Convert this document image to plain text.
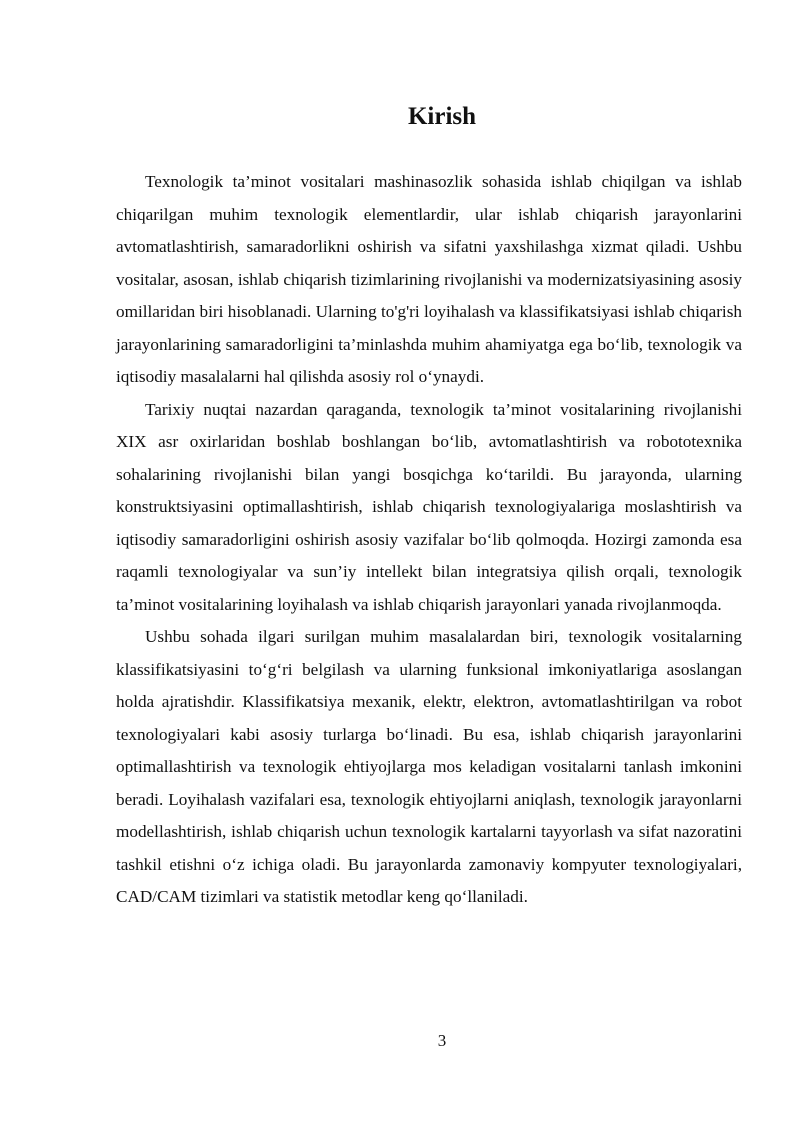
Kirish

Texnologik ta’minot vositalari mashinasozlik sohasida ishlab chiqilgan va ishlab chiqarilgan muhim texnologik elementlardir, ular ishlab chiqarish jarayonlarini avtomatlashtirish, samaradorlikni oshirish va sifatni yaxshilashga xizmat qiladi. Ushbu vositalar, asosan, ishlab chiqarish tizimlarining rivojlanishi va modernizatsiyasining asosiy omillaridan biri hisoblanadi. Ularning to'g'ri loyihalash va klassifikatsiyasi ishlab chiqarish jarayonlarining samaradorligini ta’minlashda muhim ahamiyatga ega bo‘lib, texnologik va iqtisodiy masalalarni hal qilishda asosiy rol o‘ynaydi.

Tarixiy nuqtai nazardan qaraganda, texnologik ta’minot vositalarining rivojlanishi XIX asr oxirlaridan boshlab boshlangan bo‘lib, avtomatlashtirish va robototexnika sohalarining rivojlanishi bilan yangi bosqichga ko‘tarildi. Bu jarayonda, ularning konstruktsiyasini optimallashtirish, ishlab chiqarish texnologiyalariga moslashtirish va iqtisodiy samaradorligini oshirish asosiy vazifalar bo‘lib qolmoqda. Hozirgi zamonda esa raqamli texnologiyalar va sun’iy intellekt bilan integratsiya qilish orqali, texnologik ta’minot vositalarining loyihalash va ishlab chiqarish jarayonlari yanada rivojlanmoqda.

Ushbu sohada ilgari surilgan muhim masalalardan biri, texnologik vositalarning klassifikatsiyasini to‘g‘ri belgilash va ularning funksional imkoniyatlariga asoslangan holda ajratishdir. Klassifikatsiya mexanik, elektr, elektron, avtomatlashtirilgan va robot texnologiyalari kabi asosiy turlarga bo‘linadi. Bu esa, ishlab chiqarish jarayonlarini optimallashtirish va texnologik ehtiyojlarga mos keladigan vositalarni tanlash imkonini beradi. Loyihalash vazifalari esa, texnologik ehtiyojlarni aniqlash, texnologik jarayonlarni modellashtirish, ishlab chiqarish uchun texnologik kartalarni tayyorlash va sifat nazoratini tashkil etishni o‘z ichiga oladi. Bu jarayonlarda zamonaviy kompyuter texnologiyalari, CAD/CAM tizimlari va statistik metodlar keng qo‘llaniladi.

3
